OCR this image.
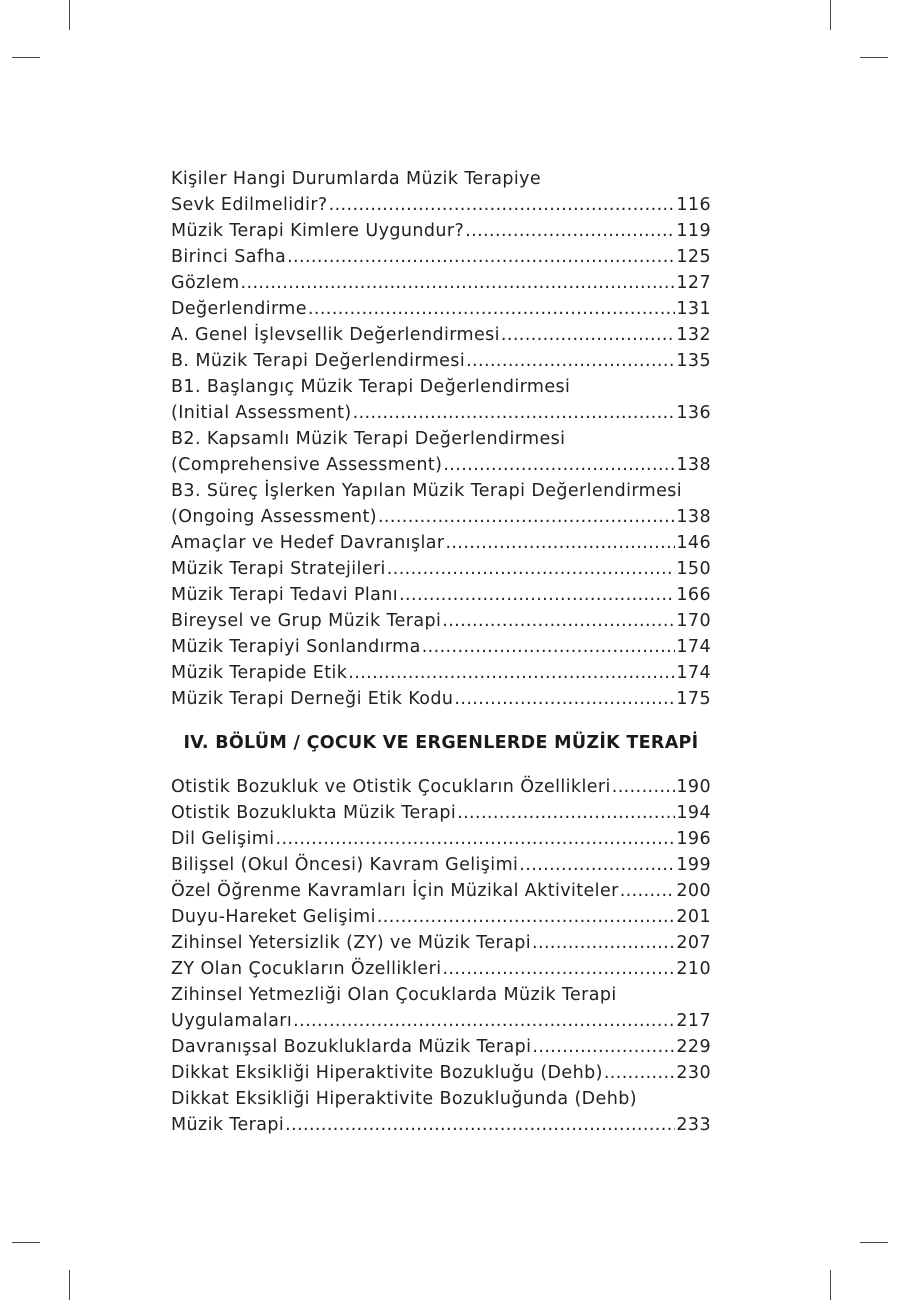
Kişiler Hangi Durumlarda Müzik Terapiye
Sevk Edilmelidir? .....	116
Müzik Terapi Kimlere Uygundur? .....	119
Birinci Safha .....	125
Gözlem .....	127
Değerlendirme .....	131
A. Genel İşlevsellik Değerlendirmesi .....	132
B. Müzik Terapi Değerlendirmesi .....	135
B1. Başlangıç Müzik Terapi Değerlendirmesi
(Initial Assessment) .....	136
B2. Kapsamlı Müzik Terapi Değerlendirmesi
(Comprehensive Assessment) .....	138
B3. Süreç İşlerken Yapılan Müzik Terapi Değerlendirmesi
(Ongoing Assessment) .....	138
Amaçlar ve Hedef Davranışlar .....	146
Müzik Terapi Stratejileri .....	150
Müzik Terapi Tedavi Planı .....	166
Bireysel ve Grup Müzik Terapi .....	170
Müzik Terapiyi Sonlandırma .....	174
Müzik Terapide Etik .....	174
Müzik Terapi Derneği Etik Kodu .....	175
IV. BÖLÜM / ÇOCUK VE ERGENLERDE MÜZİK TERAPİ
Otistik Bozukluk ve Otistik Çocukların Özellikleri .....	190
Otistik Bozuklukta Müzik Terapi .....	194
Dil Gelişimi .....	196
Bilişsel (Okul Öncesi) Kavram Gelişimi .....	199
Özel Öğrenme Kavramları İçin Müzikal Aktiviteler .....	200
Duyu-Hareket Gelişimi .....	201
Zihinsel Yetersizlik (ZY) ve Müzik Terapi .....	207
ZY Olan Çocukların Özellikleri .....	210
Zihinsel Yetmezliği Olan Çocuklarda Müzik Terapi
Uygulamaları .....	217
Davranışsal Bozukluklarda Müzik Terapi .....	229
Dikkat Eksikliği Hiperaktivite Bozukluğu (Dehb) .....	230
Dikkat Eksikliği Hiperaktivite Bozukluğunda (Dehb)
Müzik Terapi .....	233
